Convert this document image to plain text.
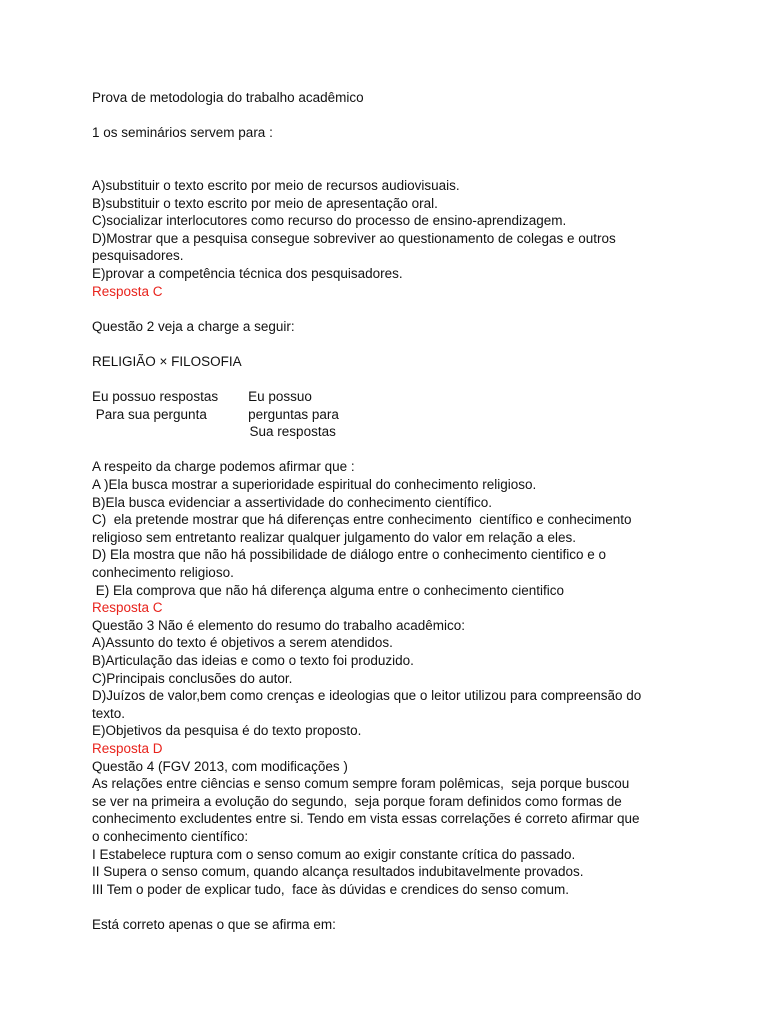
Prova de metodologia do trabalho acadêmico
1 os seminários servem para :
A)substituir o texto escrito por meio de recursos audiovisuais.
B)substituir o texto escrito por meio de apresentação oral.
C)socializar interlocutores como recurso do processo de ensino-aprendizagem.
D)Mostrar que a pesquisa consegue sobreviver ao questionamento de colegas e outros
pesquisadores.
E)provar a competência técnica dos pesquisadores.
Resposta C
Questão 2 veja a charge a seguir:
RELIGIÃO × FILOSOFIA
Eu possuo respostas        Eu possuo
Para sua pergunta           perguntas para
Sua respostas
A respeito da charge podemos afirmar que :
A )Ela busca mostrar a superioridade espiritual do conhecimento religioso.
B)Ela busca evidenciar a assertividade do conhecimento científico.
C)  ela pretende mostrar que há diferenças entre conhecimento  científico e conhecimento
religioso sem entretanto realizar qualquer julgamento do valor em relação a eles.
D) Ela mostra que não há possibilidade de diálogo entre o conhecimento cientifico e o
conhecimento religioso.
E) Ela comprova que não há diferença alguma entre o conhecimento cientifico
Resposta C
Questão 3 Não é elemento do resumo do trabalho acadêmico:
A)Assunto do texto é objetivos a serem atendidos.
B)Articulação das ideias e como o texto foi produzido.
C)Principais conclusões do autor.
D)Juízos de valor,bem como crenças e ideologias que o leitor utilizou para compreensão do
texto.
E)Objetivos da pesquisa é do texto proposto.
Resposta D
Questão 4 (FGV 2013, com modificações )
As relações entre ciências e senso comum sempre foram polêmicas,  seja porque buscou
se ver na primeira a evolução do segundo,  seja porque foram definidos como formas de
conhecimento excludentes entre si. Tendo em vista essas correlações é correto afirmar que
o conhecimento científico:
I Estabelece ruptura com o senso comum ao exigir constante crítica do passado.
II Supera o senso comum, quando alcança resultados indubitavelmente provados.
III Tem o poder de explicar tudo,  face às dúvidas e crendices do senso comum.
Está correto apenas o que se afirma em:
